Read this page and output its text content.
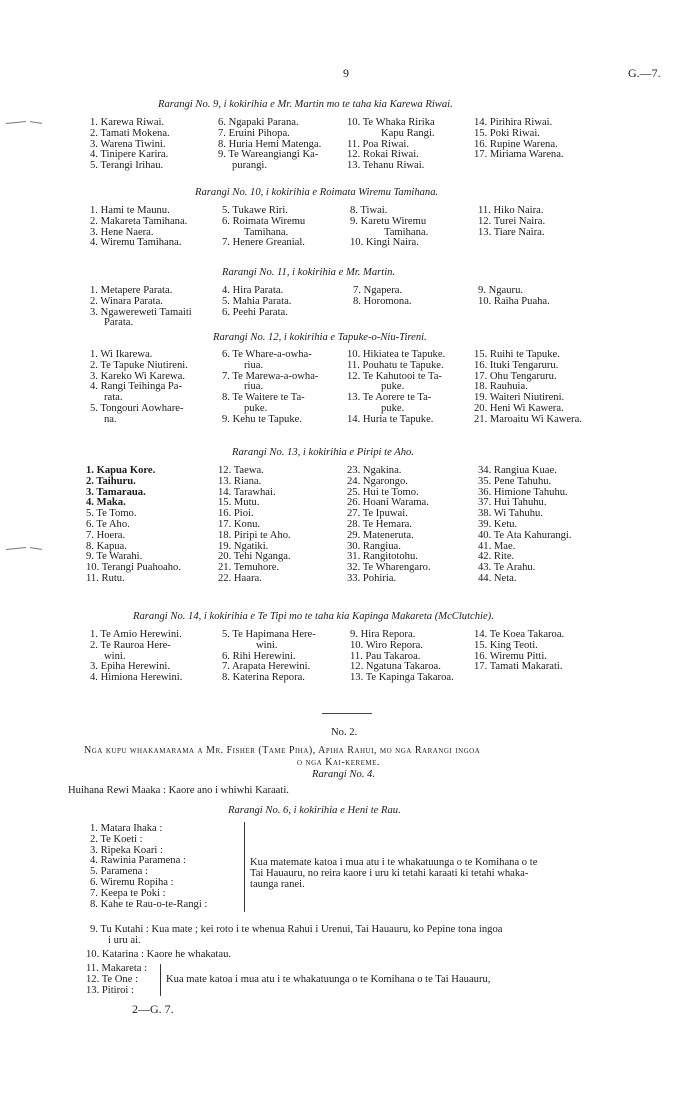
9	G.—7.
Rarangi No. 9, i kokirihia e Mr. Martin mo te taha kia Karewa Riwai.
1. Karewa Riwai.
2. Tamati Mokena.
3. Warena Tiwini.
4. Tinipere Karira.
5. Terangi Irihau.
6. Ngapaki Parana.
7. Eruini Pihopa.
8. Huria Hemi Matenga.
9. Te Wareangiangi Ka-
purangi.
10. Te Whaka Ririka
Kapu Rangi.
11. Poa Riwai.
12. Rokai Riwai.
13. Tehanu Riwai.
14. Pirihira Riwai.
15. Poki Riwai.
16. Rupine Warena.
17. Miriama Warena.
Rarangi No. 10, i kokirihia e Roimata Wiremu Tamihana.
1. Hami te Maunu.
2. Makareta Tamihana.
3. Hene Naera.
4. Wiremu Tamihana.
5. Tukawe Riri.
6. Roimata Wiremu
Tamihana.
7. Henere Greanial.
8. Tiwai.
9. Karetu Wiremu
Tamihana.
10. Kingi Naira.
11. Hiko Naira.
12. Turei Naira.
13. Tiare Naira.
Rarangi No. 11, i kokirihia e Mr. Martin.
1. Metapere Parata.
2. Winara Parata.
3. Ngawereweti Tamaiti
Parata.
4. Hira Parata.
5. Mahia Parata.
6. Peehi Parata.
7. Ngapera.
8. Horomona.
9. Ngauru.
10. Raiha Puaha.
Rarangi No. 12, i kokirihia e Tapuke-o-Niu-Tireni.
1. Wi Ikarewa.
2. Te Tapuke Niutireni.
3. Kareko Wi Karewa.
4. Rangi Teihinga Pa-
rata.
5. Tongouri Aowhare-
na.
6. Te Whare-a-owha-
riua.
7. Te Marewa-a-owha-
riua.
8. Te Waitere te Ta-
puke.
9. Kehu te Tapuke.
10. Hikiatea te Tapuke.
11. Pouhatu te Tapuke.
12. Te Kahutooi te Ta-
puke.
13. Te Aorere te Ta-
puke.
14. Huria te Tapuke.
15. Ruihi te Tapuke.
16. Ituki Tengaruru.
17. Ohu Tengaruru.
18. Rauhuia.
19. Waiteri Niutireni.
20. Heni Wi Kawera.
21. Maroaitu Wi Kawera.
Rarangi No. 13, i kokirihia e Piripi te Aho.
1. Kapua Kore.
2. Taihuru.
3. Tamaraua.
4. Maka.
5. Te Tomo.
6. Te Aho.
7. Hoera.
8. Kapua.
9. Te Warahi.
10. Terangi Puahoaho.
11. Rutu.
12. Taewa.
13. Riana.
14. Tarawhai.
15. Mutu.
16. Pioi.
17. Konu.
18. Piripi te Aho.
19. Ngatiki.
20. Tehi Nganga.
21. Temuhore.
22. Haara.
23. Ngakina.
24. Ngarongo.
25. Hui te Tomo.
26. Hoani Warama.
27. Te Ipuwai.
28. Te Hemara.
29. Mateneruta.
30. Rangiua.
31. Rangitotohu.
32. Te Wharengaro.
33. Pohiria.
34. Rangiua Kuae.
35. Pene Tahuhu.
36. Himione Tahuhu.
37. Hui Tahuhu.
38. Wi Tahuhu.
39. Ketu.
40. Te Ata Kahurangi.
41. Mae.
42. Rite.
43. Te Arahu.
44. Neta.
Rarangi No. 14, i kokirihia e Te Tipi mo te taha kia Kapinga Makareta (McClutchie).
1. Te Amio Herewini.
2. Te Rauroa Here-
wini.
3. Epiha Herewini.
4. Himiona Herewini.
5. Te Hapimana Here-
wini.
6. Rihi Herewini.
7. Arapata Herewini.
8. Katerina Repora.
9. Hira Repora.
10. Wiro Repora.
11. Pau Takaroa.
12. Ngatuna Takaroa.
13. Te Kapinga Takaroa.
14. Te Koea Takaroa.
15. King Teoti.
16. Wiremu Pitti.
17. Tamati Makarati.
No. 2.
Nga kupu whakamarama a Mr. Fisher (Tame Piha), Apiha Rahui, mo nga Rarangi ingoa
o nga Kai-kereme.
Rarangi No. 4.
Huihana Rewi Maaka : Kaore ano i whiwhi Karaati.
Rarangi No. 6, i kokirihia e Heni te Rau.
1. Matara Ihaka :
2. Te Koeti :
3. Ripeka Koari :
4. Rawinia Paramena :
5. Paramena :
6. Wiremu Ropiha :
7. Keepa te Poki :
8. Kahe te Rau-o-te-Rangi :
Kua matemate katoa i mua atu i te whakatuunga o te Komihana o te
Tai Hauauru, no reira kaore i uru ki tetahi karaati ki tetahi whaka-
taunga ranei.
9. Tu Kutahi : Kua mate ; kei roto i te whenua Rahui i Urenui, Tai Hauauru, ko Pepine tona ingoa
i uru ai.
10. Katarina : Kaore he whakatau.
11. Makareta :
12. Te One :
13. Pitiroi :
Kua mate katoa i mua atu i te whakatuunga o te Komihana o te Tai Hauauru,
2—G. 7.
